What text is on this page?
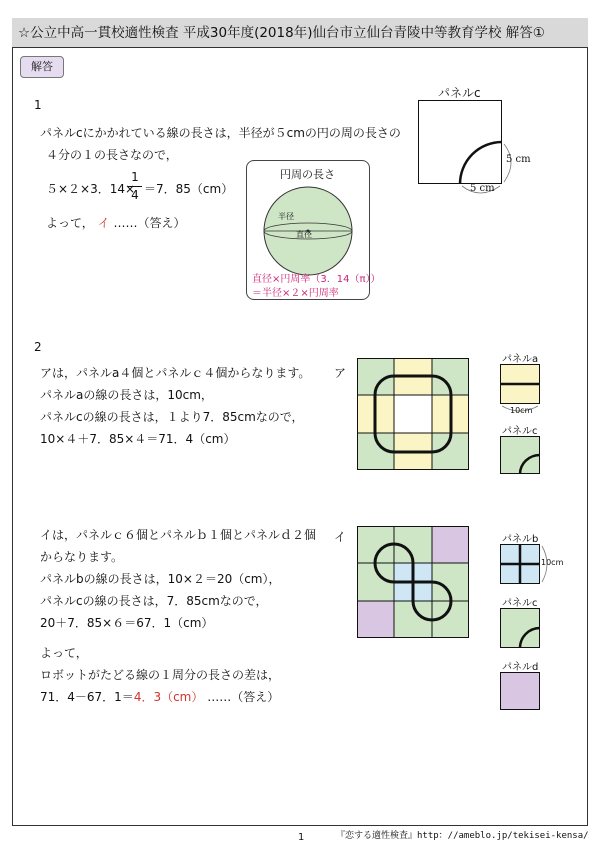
☆公立中高一貫校適性検査 平成30年度(2018年)仙台市立仙台青陵中等教育学校 解答①
解答
1
パネルcにかかれている線の長さは，半径が５cmの円の周の長さの
４分の１の長さなので，
５×２×3．14×
1
4 ＝7．85（cm）
よって， イ ……（答え）
円周の長さ
半径
直径
直径×円周率（3．14（π））
＝半径×２×円周率
パネルc
5 cm
5 cm
2
アは，パネルa４個とパネルｃ４個からなります。
パネルaの線の長さは，10cm，
パネルcの線の長さは，１より7．85cmなので，
10×４＋7．85×４＝71．4（cm）
ア
パネルa
10cm
パネルc
イは，パネルｃ６個とパネルｂ１個とパネルｄ２個
からなります。
パネルbの線の長さは，10×２＝20（cm），
パネルcの線の長さは，7．85cmなので，
20＋7．85×６＝67．1（cm）
よって，
ロボットがたどる線の１周分の長さの差は，
71．4－67．1＝4．3（cm） ……（答え）
イ	パネルb
10cm
パネルc
パネルd
1	『恋する適性検査』http：//ameblo.jp/tekisei-kensa/
